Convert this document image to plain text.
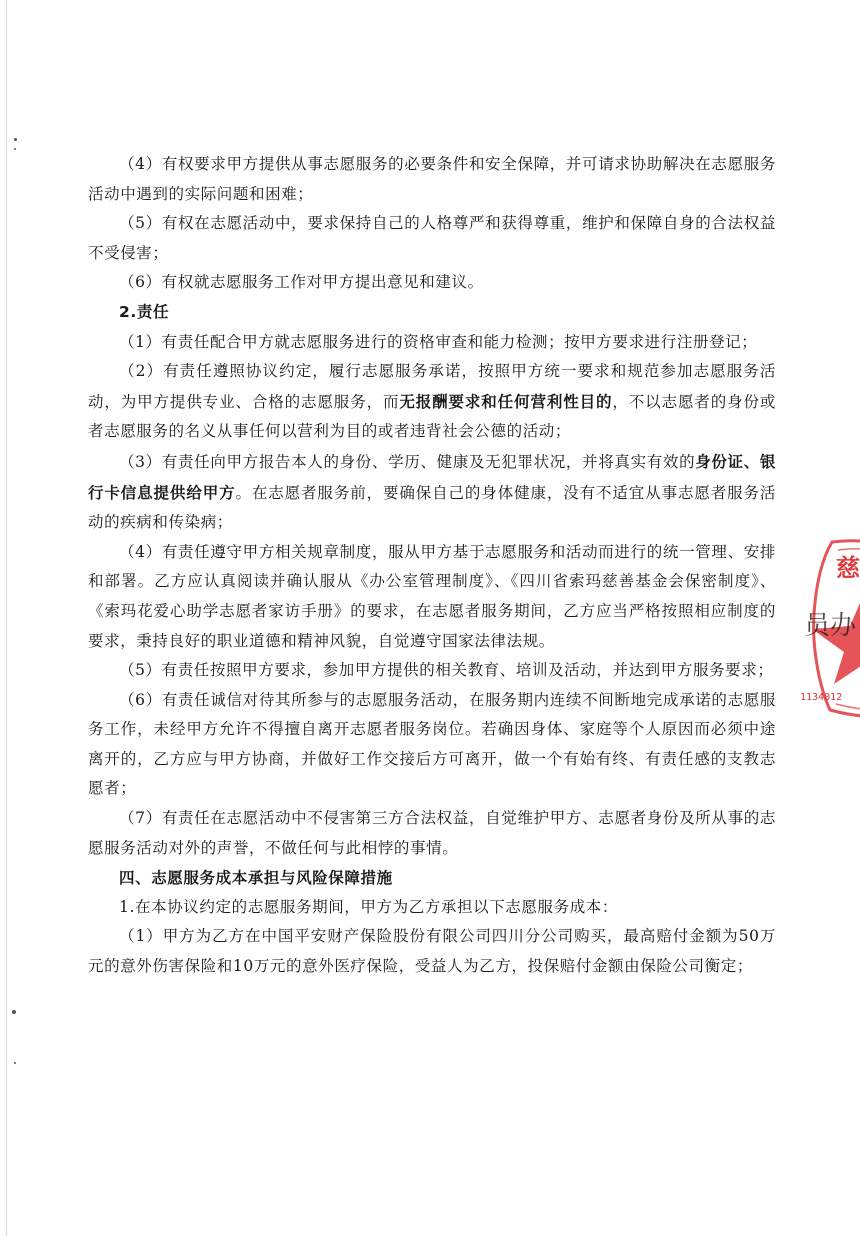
（4）有权要求甲方提供从事志愿服务的必要条件和安全保障，并可请求协助解决在志愿服务活动中遇到的实际问题和困难；

（5）有权在志愿活动中，要求保持自己的人格尊严和获得尊重，维护和保障自身的合法权益不受侵害；

（6）有权就志愿服务工作对甲方提出意见和建议。

2.责任

（1）有责任配合甲方就志愿服务进行的资格审查和能力检测；按甲方要求进行注册登记；

（2）有责任遵照协议约定，履行志愿服务承诺，按照甲方统一要求和规范参加志愿服务活动，为甲方提供专业、合格的志愿服务，而无报酬要求和任何营利性目的，不以志愿者的身份或者志愿服务的名义从事任何以营利为目的或者违背社会公德的活动；

（3）有责任向甲方报告本人的身份、学历、健康及无犯罪状况，并将真实有效的身份证、银行卡信息提供给甲方。在志愿者服务前，要确保自己的身体健康，没有不适宜从事志愿者服务活动的疾病和传染病；

（4）有责任遵守甲方相关规章制度，服从甲方基于志愿服务和活动而进行的统一管理、安排和部署。乙方应认真阅读并确认服从《办公室管理制度》、《四川省索玛慈善基金会保密制度》、《索玛花爱心助学志愿者家访手册》的要求，在志愿者服务期间，乙方应当严格按照相应制度的要求，秉持良好的职业道德和精神风貌，自觉遵守国家法律法规。

（5）有责任按照甲方要求，参加甲方提供的相关教育、培训及活动，并达到甲方服务要求；

（6）有责任诚信对待其所参与的志愿服务活动，在服务期内连续不间断地完成承诺的志愿服务工作，未经甲方允许不得擅自离开志愿者服务岗位。若确因身体、家庭等个人原因而必须中途离开的，乙方应与甲方协商，并做好工作交接后方可离开，做一个有始有终、有责任感的支教志愿者；

（7）有责任在志愿活动中不侵害第三方合法权益，自觉维护甲方、志愿者身份及所从事的志愿服务活动对外的声誉，不做任何与此相悖的事情。

四、志愿服务成本承担与风险保障措施

1.在本协议约定的志愿服务期间，甲方为乙方承担以下志愿服务成本：

（1）甲方为乙方在中国平安财产保险股份有限公司四川分公司购买，最高赔付金额为50万元的意外伤害保险和10万元的意外医疗保险，受益人为乙方，投保赔付金额由保险公司衡定；

慈
员办
1134012
